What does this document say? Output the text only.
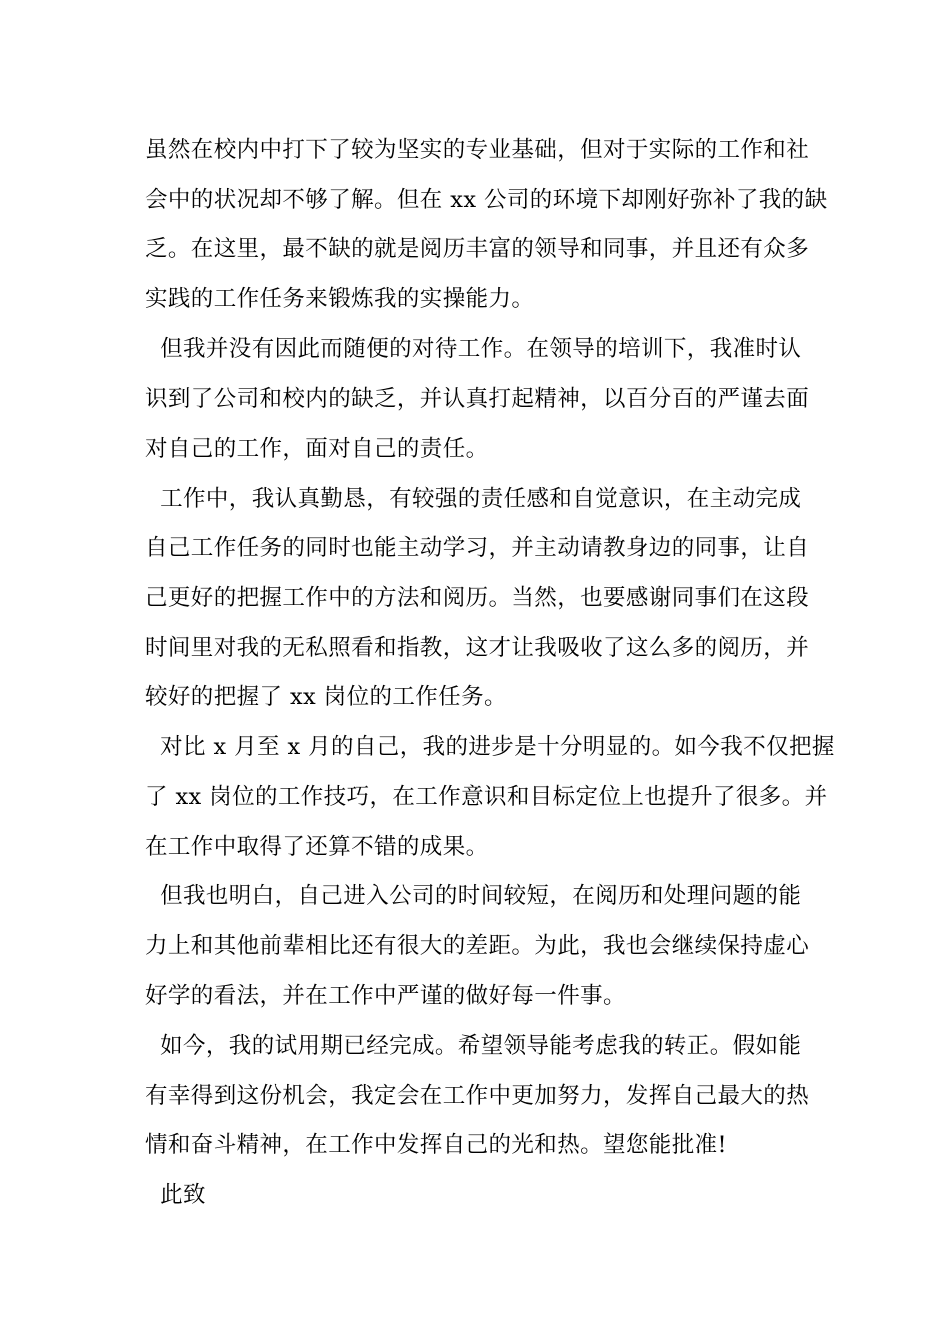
虽然在校内中打下了较为坚实的专业基础，但对于实际的工作和社
会中的状况却不够了解。但在 xx 公司的环境下却刚好弥补了我的缺
乏。在这里，最不缺的就是阅历丰富的领导和同事，并且还有众多
实践的工作任务来锻炼我的实操能力。
但我并没有因此而随便的对待工作。在领导的培训下，我准时认
识到了公司和校内的缺乏，并认真打起精神，以百分百的严谨去面
对自己的工作，面对自己的责任。
工作中，我认真勤恳，有较强的责任感和自觉意识，在主动完成
自己工作任务的同时也能主动学习，并主动请教身边的同事，让自
己更好的把握工作中的方法和阅历。当然，也要感谢同事们在这段
时间里对我的无私照看和指教，这才让我吸收了这么多的阅历，并
较好的把握了 xx 岗位的工作任务。
对比 x 月至 x 月的自己，我的进步是十分明显的。如今我不仅把握
了 xx 岗位的工作技巧，在工作意识和目标定位上也提升了很多。并
在工作中取得了还算不错的成果。
但我也明白，自己进入公司的时间较短，在阅历和处理问题的能
力上和其他前辈相比还有很大的差距。为此，我也会继续保持虚心
好学的看法，并在工作中严谨的做好每一件事。
如今，我的试用期已经完成。希望领导能考虑我的转正。假如能
有幸得到这份机会，我定会在工作中更加努力，发挥自己最大的热
情和奋斗精神，在工作中发挥自己的光和热。望您能批准!
此致
